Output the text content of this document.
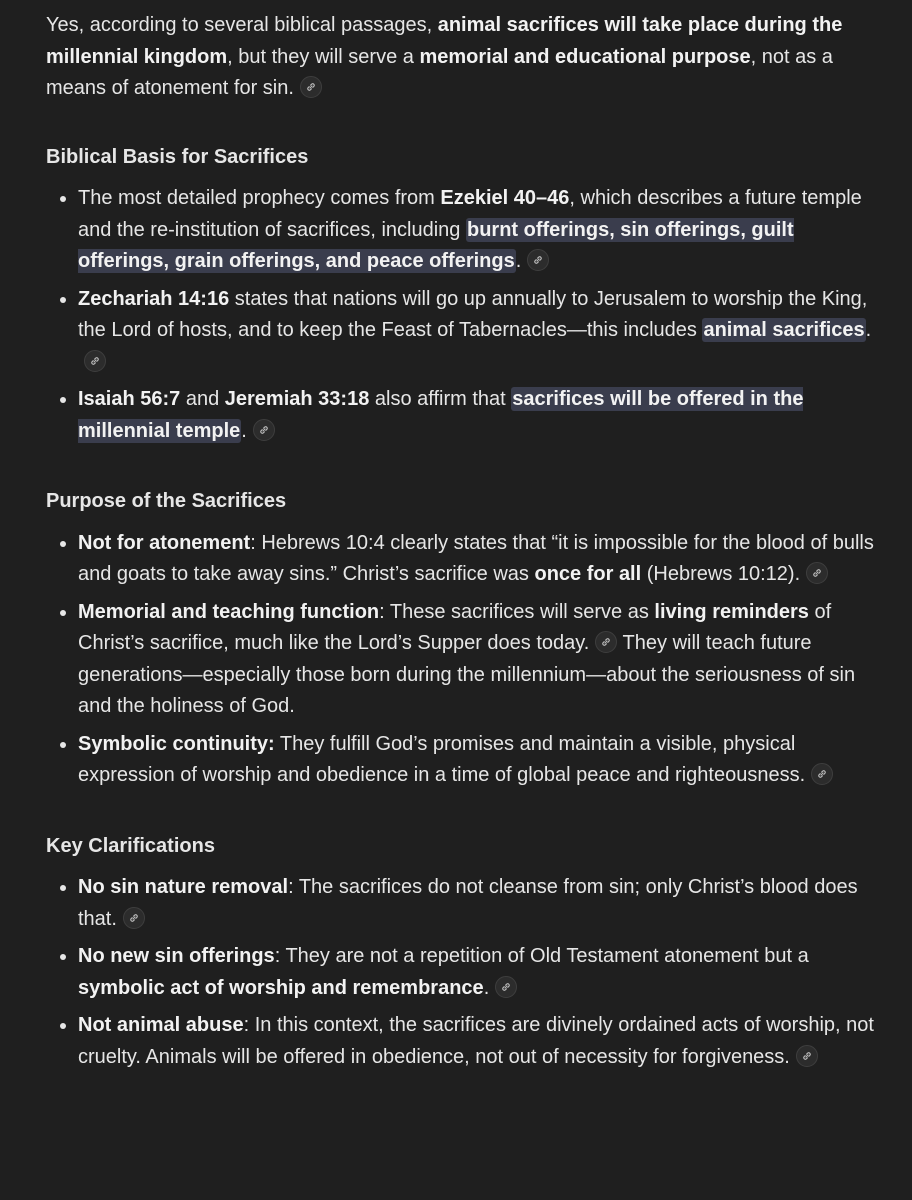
Yes, according to several biblical passages, animal sacrifices will take place during the millennial kingdom, but they will serve a memorial and educational purpose, not as a means of atonement for sin.

Biblical Basis for Sacrifices
The most detailed prophecy comes from Ezekiel 40–46, which describes a future temple and the re-institution of sacrifices, including burnt offerings, sin offerings, guilt offerings, grain offerings, and peace offerings.
Zechariah 14:16 states that nations will go up annually to Jerusalem to worship the King, the Lord of hosts, and to keep the Feast of Tabernacles—this includes animal sacrifices.
Isaiah 56:7 and Jeremiah 33:18 also affirm that sacrifices will be offered in the millennial temple.
Purpose of the Sacrifices
Not for atonement: Hebrews 10:4 clearly states that “it is impossible for the blood of bulls and goats to take away sins.” Christ’s sacrifice was once for all (Hebrews 10:12).
Memorial and teaching function: These sacrifices will serve as living reminders of Christ’s sacrifice, much like the Lord’s Supper does today.
They will teach future generations—especially those born during the millennium—about the seriousness of sin and the holiness of God.
Symbolic continuity: They fulfill God’s promises and maintain a visible, physical expression of worship and obedience in a time of global peace and righteousness.
Key Clarifications
No sin nature removal: The sacrifices do not cleanse from sin; only Christ’s blood does that.
No new sin offerings: They are not a repetition of Old Testament atonement but a symbolic act of worship and remembrance.
Not animal abuse: In this context, the sacrifices are divinely ordained acts of worship, not cruelty. Animals will be offered in obedience, not out of necessity for forgiveness.
